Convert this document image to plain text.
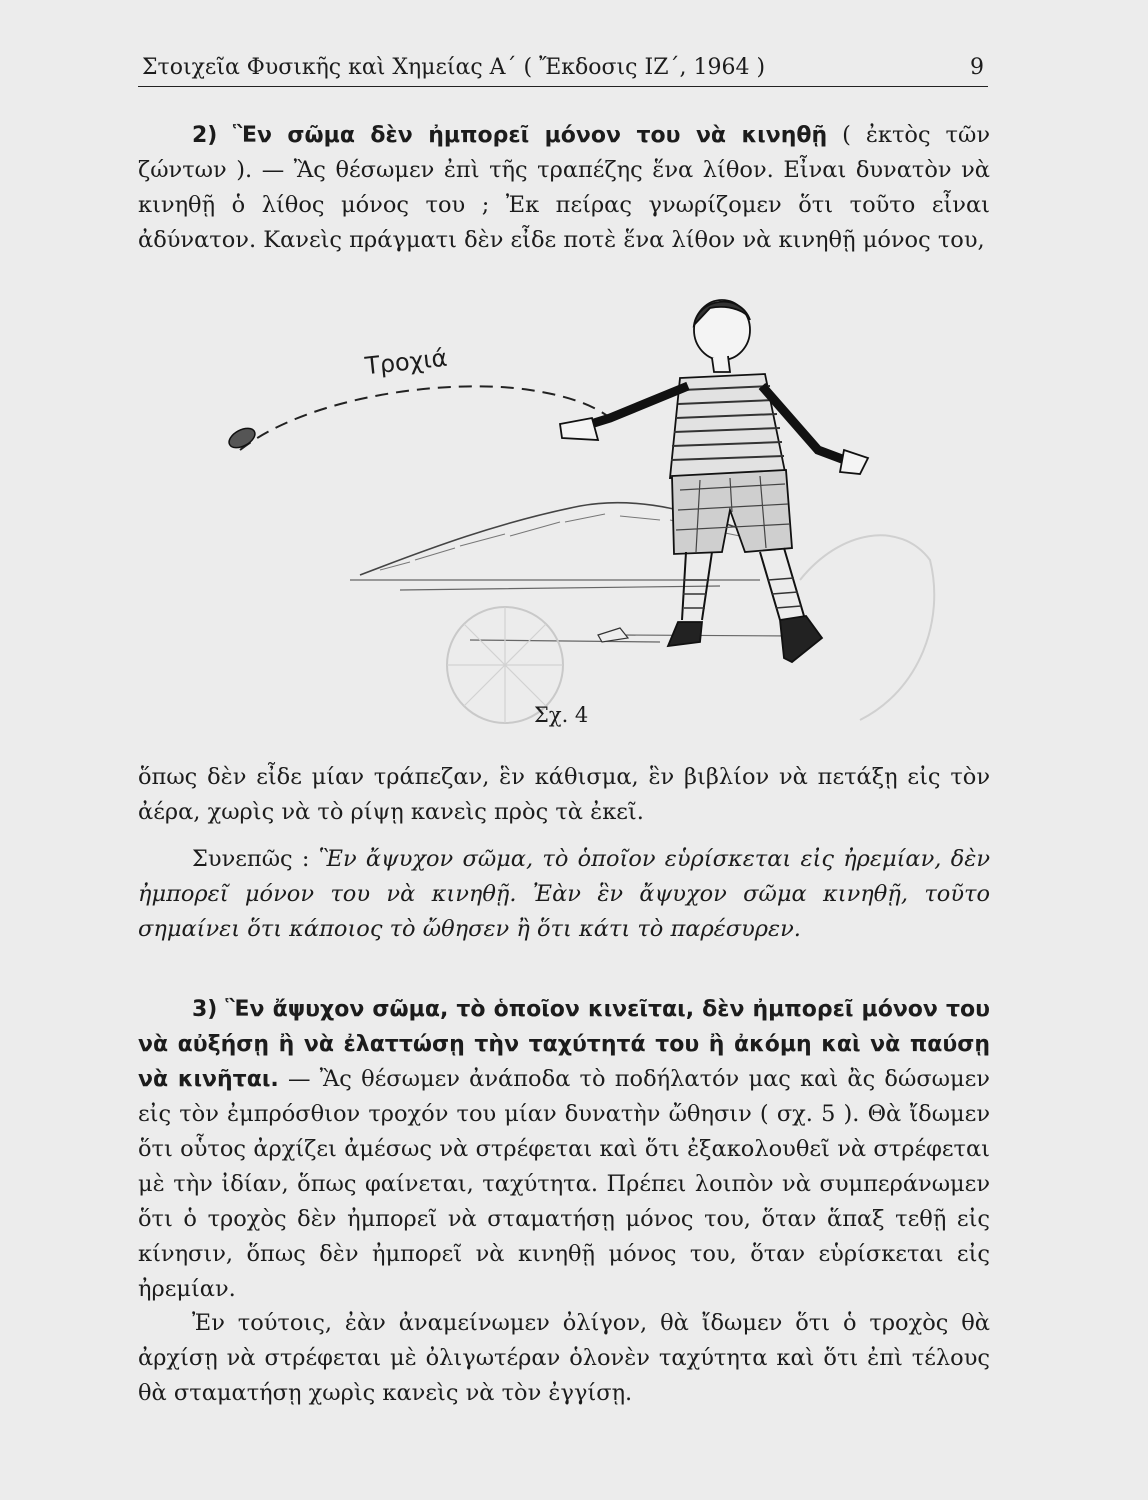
Στοιχεῖα Φυσικῆς καὶ Χημείας Α΄ ( Ἔκδοσις ΙΖ΄, 1964 )	9

2) Ἓν σῶμα δὲν ἠμπορεῖ μόνον του νὰ κινηθῇ ( ἐκτὸς τῶν ζώντων ). — Ἂς θέσωμεν ἐπὶ τῆς τραπέζης ἕνα λίθον. Εἶναι δυνατὸν νὰ κινηθῇ ὁ λίθος μόνος του ; Ἐκ πείρας γνωρίζομεν ὅτι τοῦτο εἶναι ἀδύνατον. Κανεὶς πράγματι δὲν εἶδε ποτὲ ἕνα λίθον νὰ κινηθῇ μόνος του,

Τροχιά
Σχ. 4

ὅπως δὲν εἶδε μίαν τράπεζαν, ἓν κάθισμα, ἓν βιβλίον νὰ πετάξῃ εἰς τὸν ἀέρα, χωρὶς νὰ τὸ ρίψῃ κανεὶς πρὸς τὰ ἐκεῖ.

Συνεπῶς : Ἓν ἄψυχον σῶμα, τὸ ὁποῖον εὑρίσκεται εἰς ἠρεμίαν, δὲν ἠμπορεῖ μόνον του νὰ κινηθῇ. Ἐὰν ἓν ἄψυχον σῶμα κινηθῇ, τοῦτο σημαίνει ὅτι κάποιος τὸ ὤθησεν ἢ ὅτι κάτι τὸ παρέσυρεν.

3) Ἓν ἄψυχον σῶμα, τὸ ὁποῖον κινεῖται, δὲν ἠμπορεῖ μόνον του νὰ αὐξήσῃ ἢ νὰ ἐλαττώσῃ τὴν ταχύτητά του ἢ ἀκόμη καὶ νὰ παύσῃ νὰ κινῆται. — Ἂς θέσωμεν ἀνάποδα τὸ ποδήλατόν μας καὶ ἂς δώσωμεν εἰς τὸν ἐμπρόσθιον τροχόν του μίαν δυνατὴν ὤθησιν ( σχ. 5 ). Θὰ ἴδωμεν ὅτι οὗτος ἀρχίζει ἀμέσως νὰ στρέφεται καὶ ὅτι ἐξακολουθεῖ νὰ στρέφεται μὲ τὴν ἰδίαν, ὅπως φαίνεται, ταχύτητα. Πρέπει λοιπὸν νὰ συμπεράνωμεν ὅτι ὁ τροχὸς δὲν ἠμπορεῖ νὰ σταματήσῃ μόνος του, ὅταν ἅπαξ τεθῇ εἰς κίνησιν, ὅπως δὲν ἠμπορεῖ νὰ κινηθῇ μόνος του, ὅταν εὑρίσκεται εἰς ἠρεμίαν.

Ἐν τούτοις, ἐὰν ἀναμείνωμεν ὀλίγον, θὰ ἴδωμεν ὅτι ὁ τροχὸς θὰ ἀρχίσῃ νὰ στρέφεται μὲ ὀλιγωτέραν ὁλονὲν ταχύτητα καὶ ὅτι ἐπὶ τέλους θὰ σταματήσῃ χωρὶς κανεὶς νὰ τὸν ἐγγίσῃ.
